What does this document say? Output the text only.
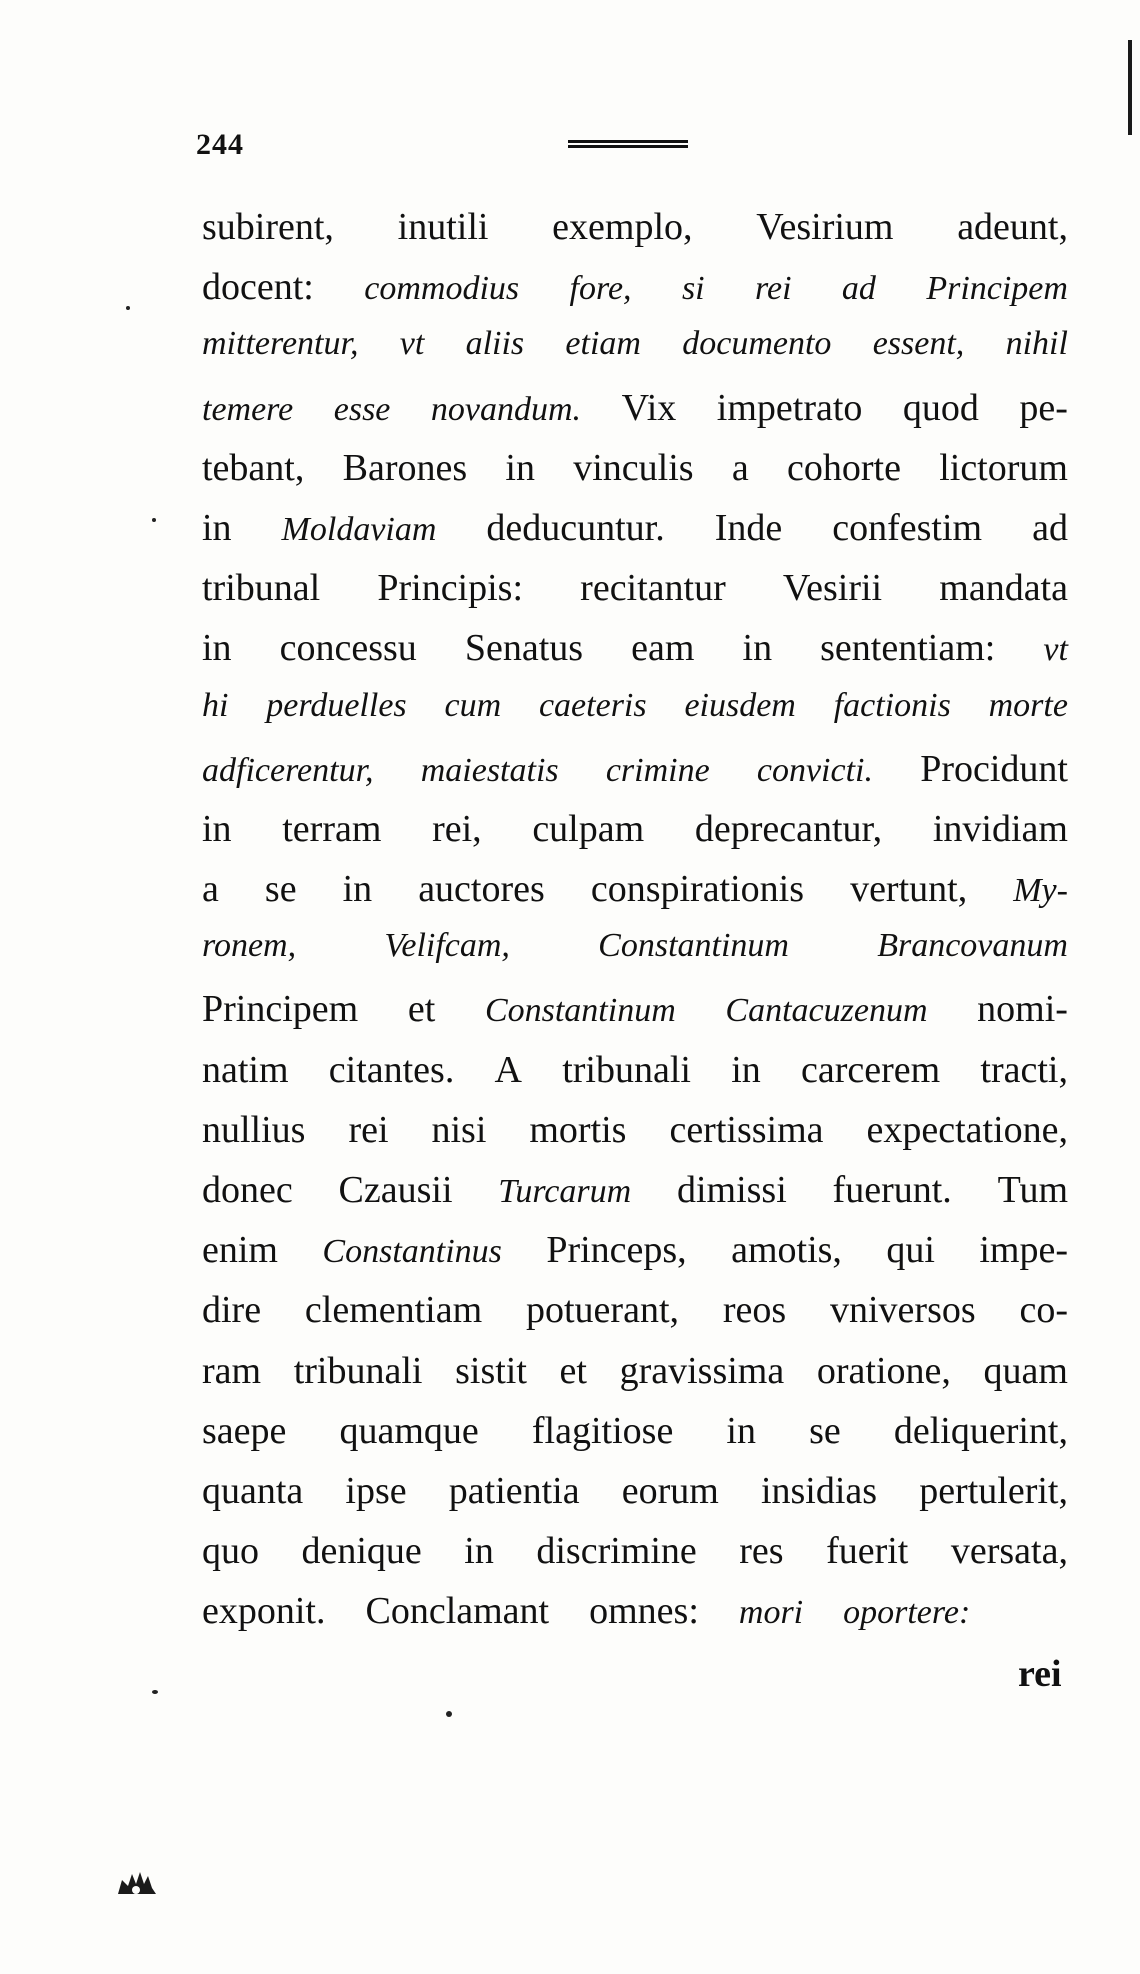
244
subirent, inutili exemplo, Vesirium adeunt,
docent: commodius fore, si rei ad Principem
mitterentur, vt aliis etiam documento essent, nihil
temere esse novandum. Vix impetrato quod pe-
tebant, Barones in vinculis a cohorte lictorum
in Moldaviam deducuntur. Inde confestim ad
tribunal Principis: recitantur Vesirii mandata
in concessu Senatus eam in sententiam: vt
hi perduelles cum caeteris eiusdem factionis morte
adficerentur, maiestatis crimine convicti. Procidunt
in terram rei, culpam deprecantur, invidiam
a se in auctores conspirationis vertunt, My-
ronem,	Velifcam,	Constantinum	Brancovanum
Principem et Constantinum Cantacuzenum nomi-
natim citantes. A tribunali in carcerem tracti,
nullius rei nisi mortis certissima expectatione,
donec Czausii Turcarum dimissi fuerunt. Tum
enim Constantinus Princeps, amotis, qui impe-
dire clementiam potuerant, reos vniversos co-
ram tribunali sistit et gravissima oratione, quam
saepe quamque flagitiose in se deliquerint,
quanta ipse patientia eorum insidias pertulerit,
quo denique in discrimine res fuerit versata,
exponit. Conclamant omnes: mori oportere:
rei
